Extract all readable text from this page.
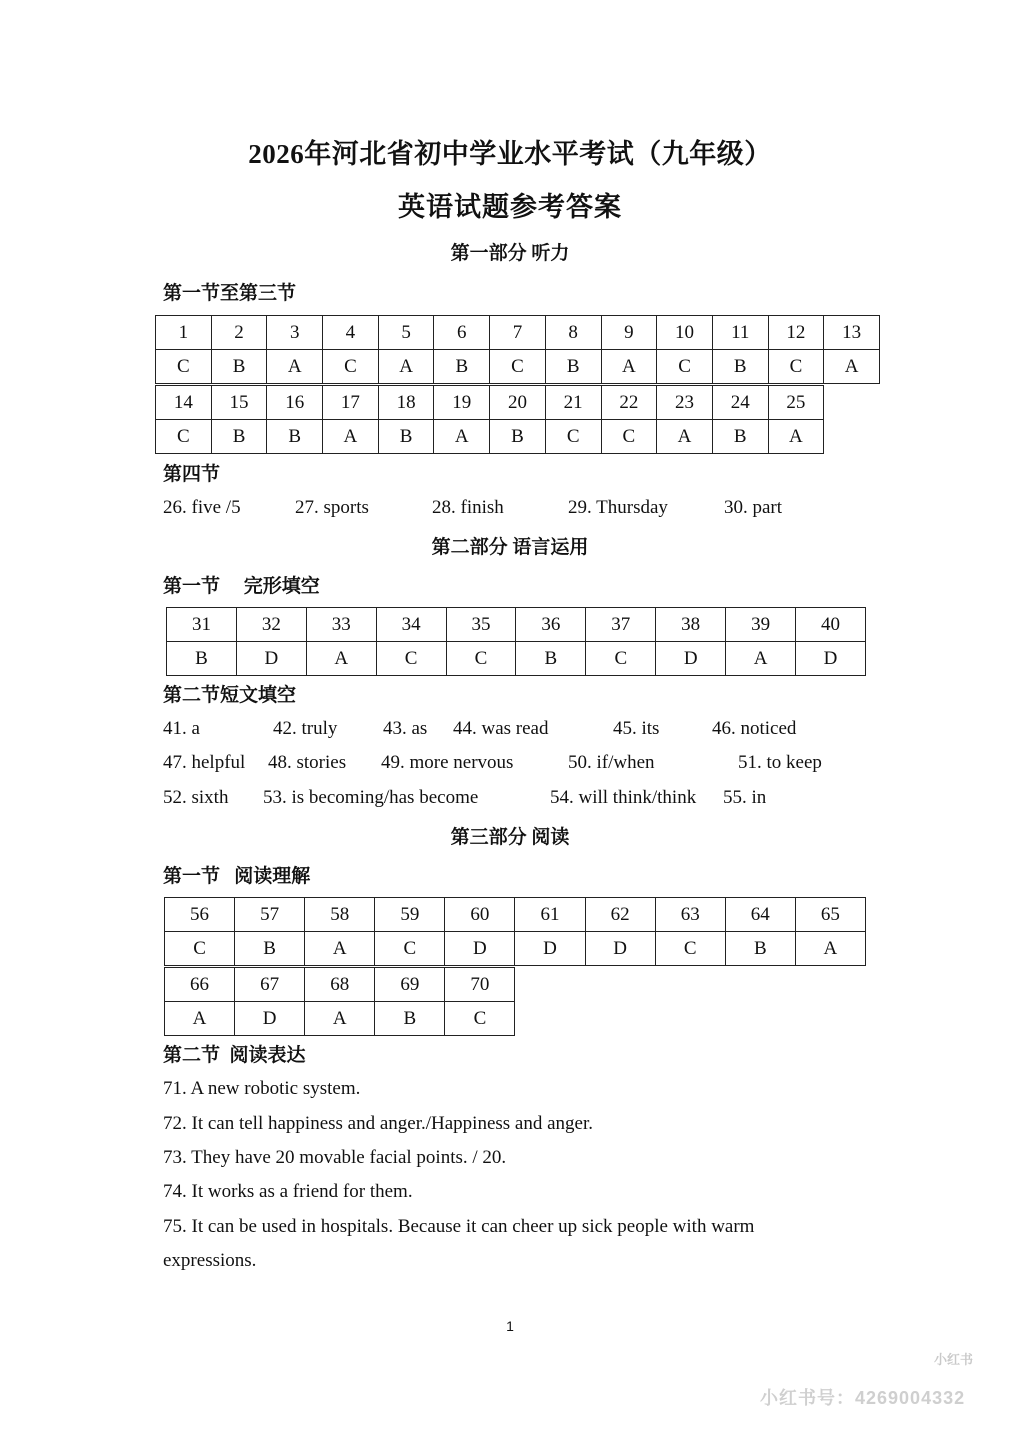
2026年河北省初中学业水平考试（九年级）
英语试题参考答案
第一部分 听力
第一节至第三节
1	2	3	4	5	6	7	8	9	10	11	12	13
C	B	A	C	A	B	C	B	A	C	B	C	A
14	15	16	17	18	19	20	21	22	23	24	25
C	B	B	A	B	A	B	C	C	A	B	A
第四节
26. five /5	27. sports	28. finish	29. Thursday	30. part
第二部分 语言运用
第一节     完形填空
31	32	33	34	35	36	37	38	39	40
B	D	A	C	C	B	C	D	A	D
第二节短文填空
41. a	42. truly 43. as 44. was read	45. its	46. noticed
47. helpful 48. stories 49. more nervous	50. if/when	51. to keep
52. sixth 53. is becoming/has become	54. will think/think 55. in
第三部分 阅读
第一节   阅读理解
56	57	58	59	60	61	62	63	64	65
C	B	A	C	D	D	D	C	B	A
66	67	68	69	70
A	D	A	B	C
第二节  阅读表达
71. A new robotic system.
72. It can tell happiness and anger./Happiness and anger.
73. They have 20 movable facial points. / 20.
74. It works as a friend for them.
75. It can be used in hospitals. Because it can cheer up sick people with warm
expressions.
1
小红书
小红书号：4269004332
